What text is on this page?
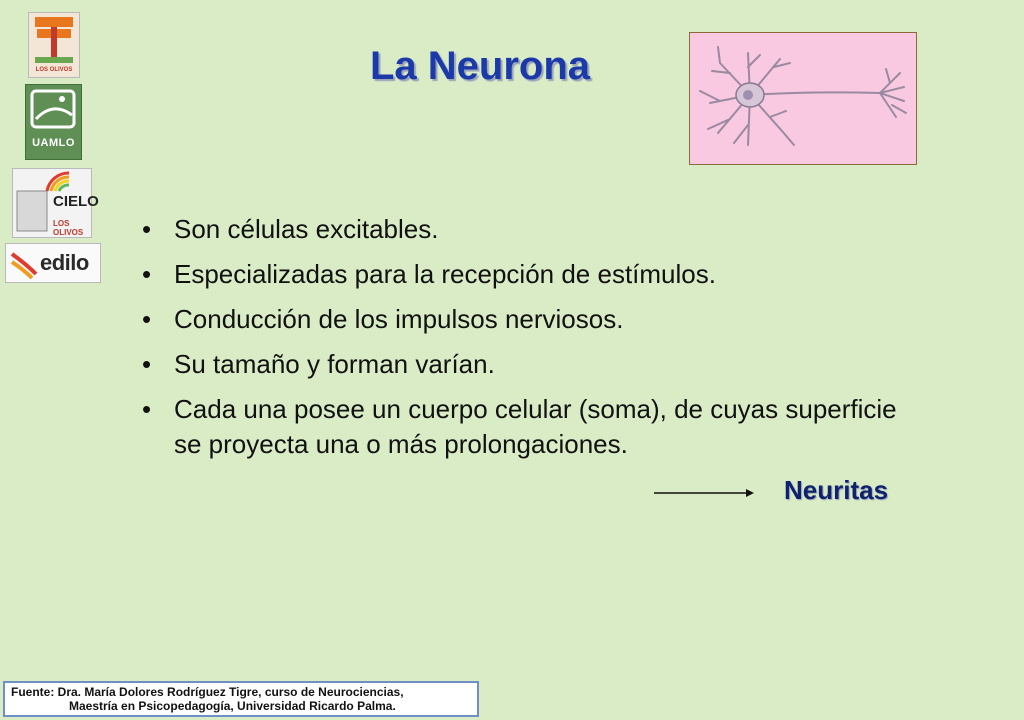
LOS OLIVOS
UAMLO
CIELO
LOS OLIVOS
edilo
La Neurona
• Son células excitables.
• Especializadas para la recepción de estímulos.
• Conducción de los impulsos nerviosos.
• Su tamaño y forman varían.
• Cada una posee un cuerpo celular (soma), de cuyas superficie se proyecta una o más prolongaciones.
Neuritas
Fuente: Dra. María Dolores Rodríguez Tigre, curso de Neurociencias,
Maestría en Psicopedagogía, Universidad Ricardo Palma.
